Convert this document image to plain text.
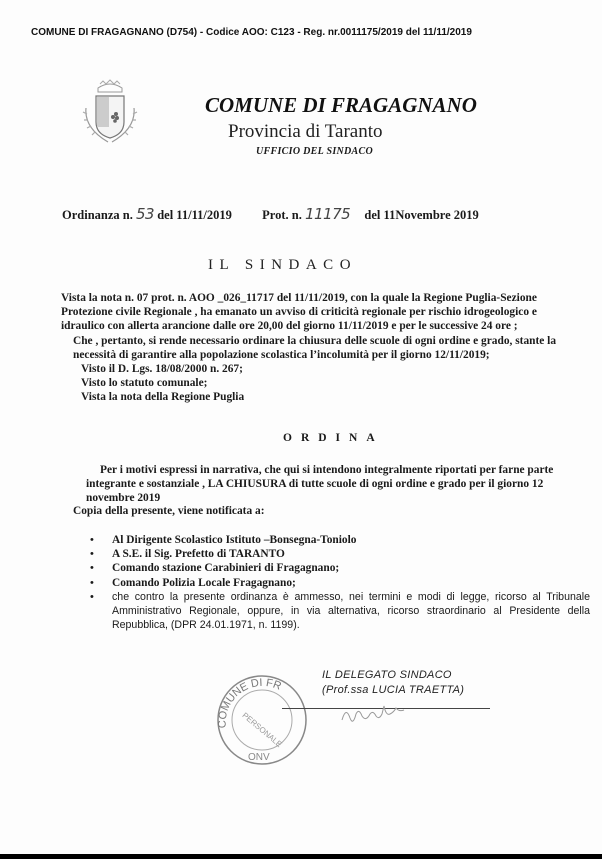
COMUNE DI FRAGAGNANO (D754) - Codice AOO: C123 - Reg. nr.0011175/2019 del 11/11/2019
COMUNE DI FRAGAGNANO
Provincia di Taranto
UFFICIO DEL SINDACO
Ordinanza n. 53 del 11/11/2019 Prot. n. 11175 del 11Novembre 2019
IL SINDACO

Vista la nota n. 07 prot. n. AOO _026_11717 del 11/11/2019, con la quale la Regione Puglia-Sezione Protezione civile Regionale , ha emanato un avviso di criticità regionale per rischio idrogeologico e idraulico con allerta arancione dalle ore 20,00 del giorno 11/11/2019 e per le successive 24 ore ;

Che , pertanto, si rende necessario ordinare la chiusura delle scuole di ogni ordine e grado, stante la necessità di garantire alla popolazione scolastica l’incolumità per il giorno 12/11/2019;

Visto il D. Lgs. 18/08/2000 n. 267;

Visto lo statuto comunale;

Vista la nota della Regione Puglia

ORDINA

Per i motivi espressi in narrativa, che qui si intendono integralmente riportati per farne parte integrante e sostanziale , LA CHIUSURA di tutte scuole di ogni ordine e grado per il giorno 12 novembre 2019

Copia della presente, viene notificata a:
• Al Dirigente Scolastico Istituto –Bonsegna-Toniolo
• A S.E. il Sig. Prefetto di TARANTO
• Comando stazione Carabinieri di Fragagnano;
• Comando Polizia Locale Fragagnano;
• che contro la presente ordinanza è ammesso, nei termini e modi di legge, ricorso al Tribunale Amministrativo Regionale, oppure, in via alternativa, ricorso straordinario al Presidente della Repubblica, (DPR 24.01.1971, n. 1199).
COMUNE DI FR
PERSONALE
ONV
IL DELEGATO SINDACO
(Prof.ssa LUCIA TRAETTA)
